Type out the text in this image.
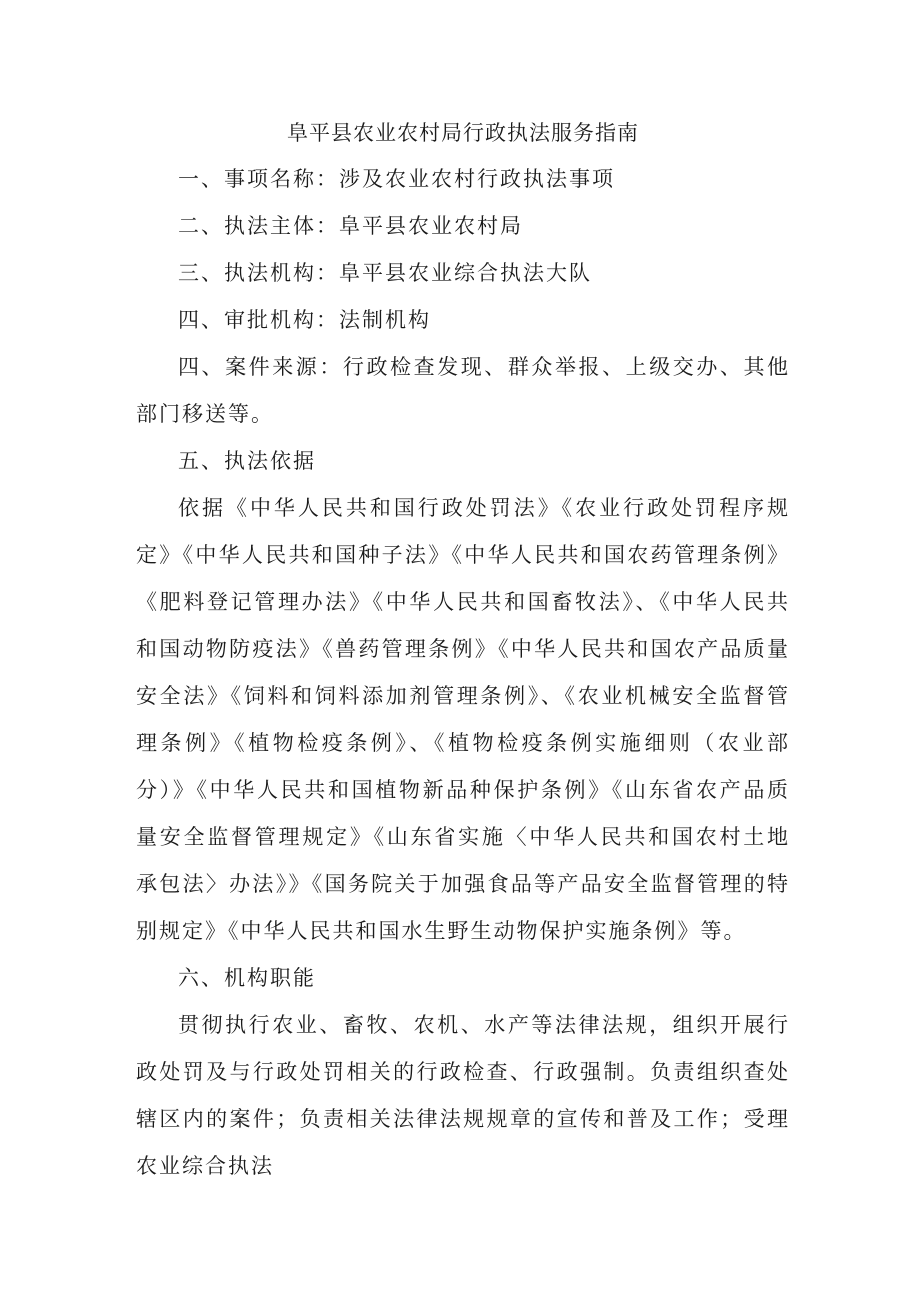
阜平县农业农村局行政执法服务指南

一、事项名称：涉及农业农村行政执法事项

二、执法主体：阜平县农业农村局

三、执法机构：阜平县农业综合执法大队

四、审批机构：法制机构

四、案件来源：行政检查发现、群众举报、上级交办、其他部门移送等。

五、执法依据

依据《中华人民共和国行政处罚法》《农业行政处罚程序规定》《中华人民共和国种子法》《中华人民共和国农药管理条例》《肥料登记管理办法》《中华人民共和国畜牧法》、《中华人民共和国动物防疫法》《兽药管理条例》《中华人民共和国农产品质量安全法》《饲料和饲料添加剂管理条例》、《农业机械安全监督管理条例》《植物检疫条例》、《植物检疫条例实施细则（农业部分）》《中华人民共和国植物新品种保护条例》《山东省农产品质量安全监督管理规定》《山东省实施〈中华人民共和国农村土地承包法〉办法》》《国务院关于加强食品等产品安全监督管理的特别规定》《中华人民共和国水生野生动物保护实施条例》等。

六、机构职能

贯彻执行农业、畜牧、农机、水产等法律法规，组织开展行政处罚及与行政处罚相关的行政检查、行政强制。负责组织查处辖区内的案件；负责相关法律法规规章的宣传和普及工作；受理农业综合执法
